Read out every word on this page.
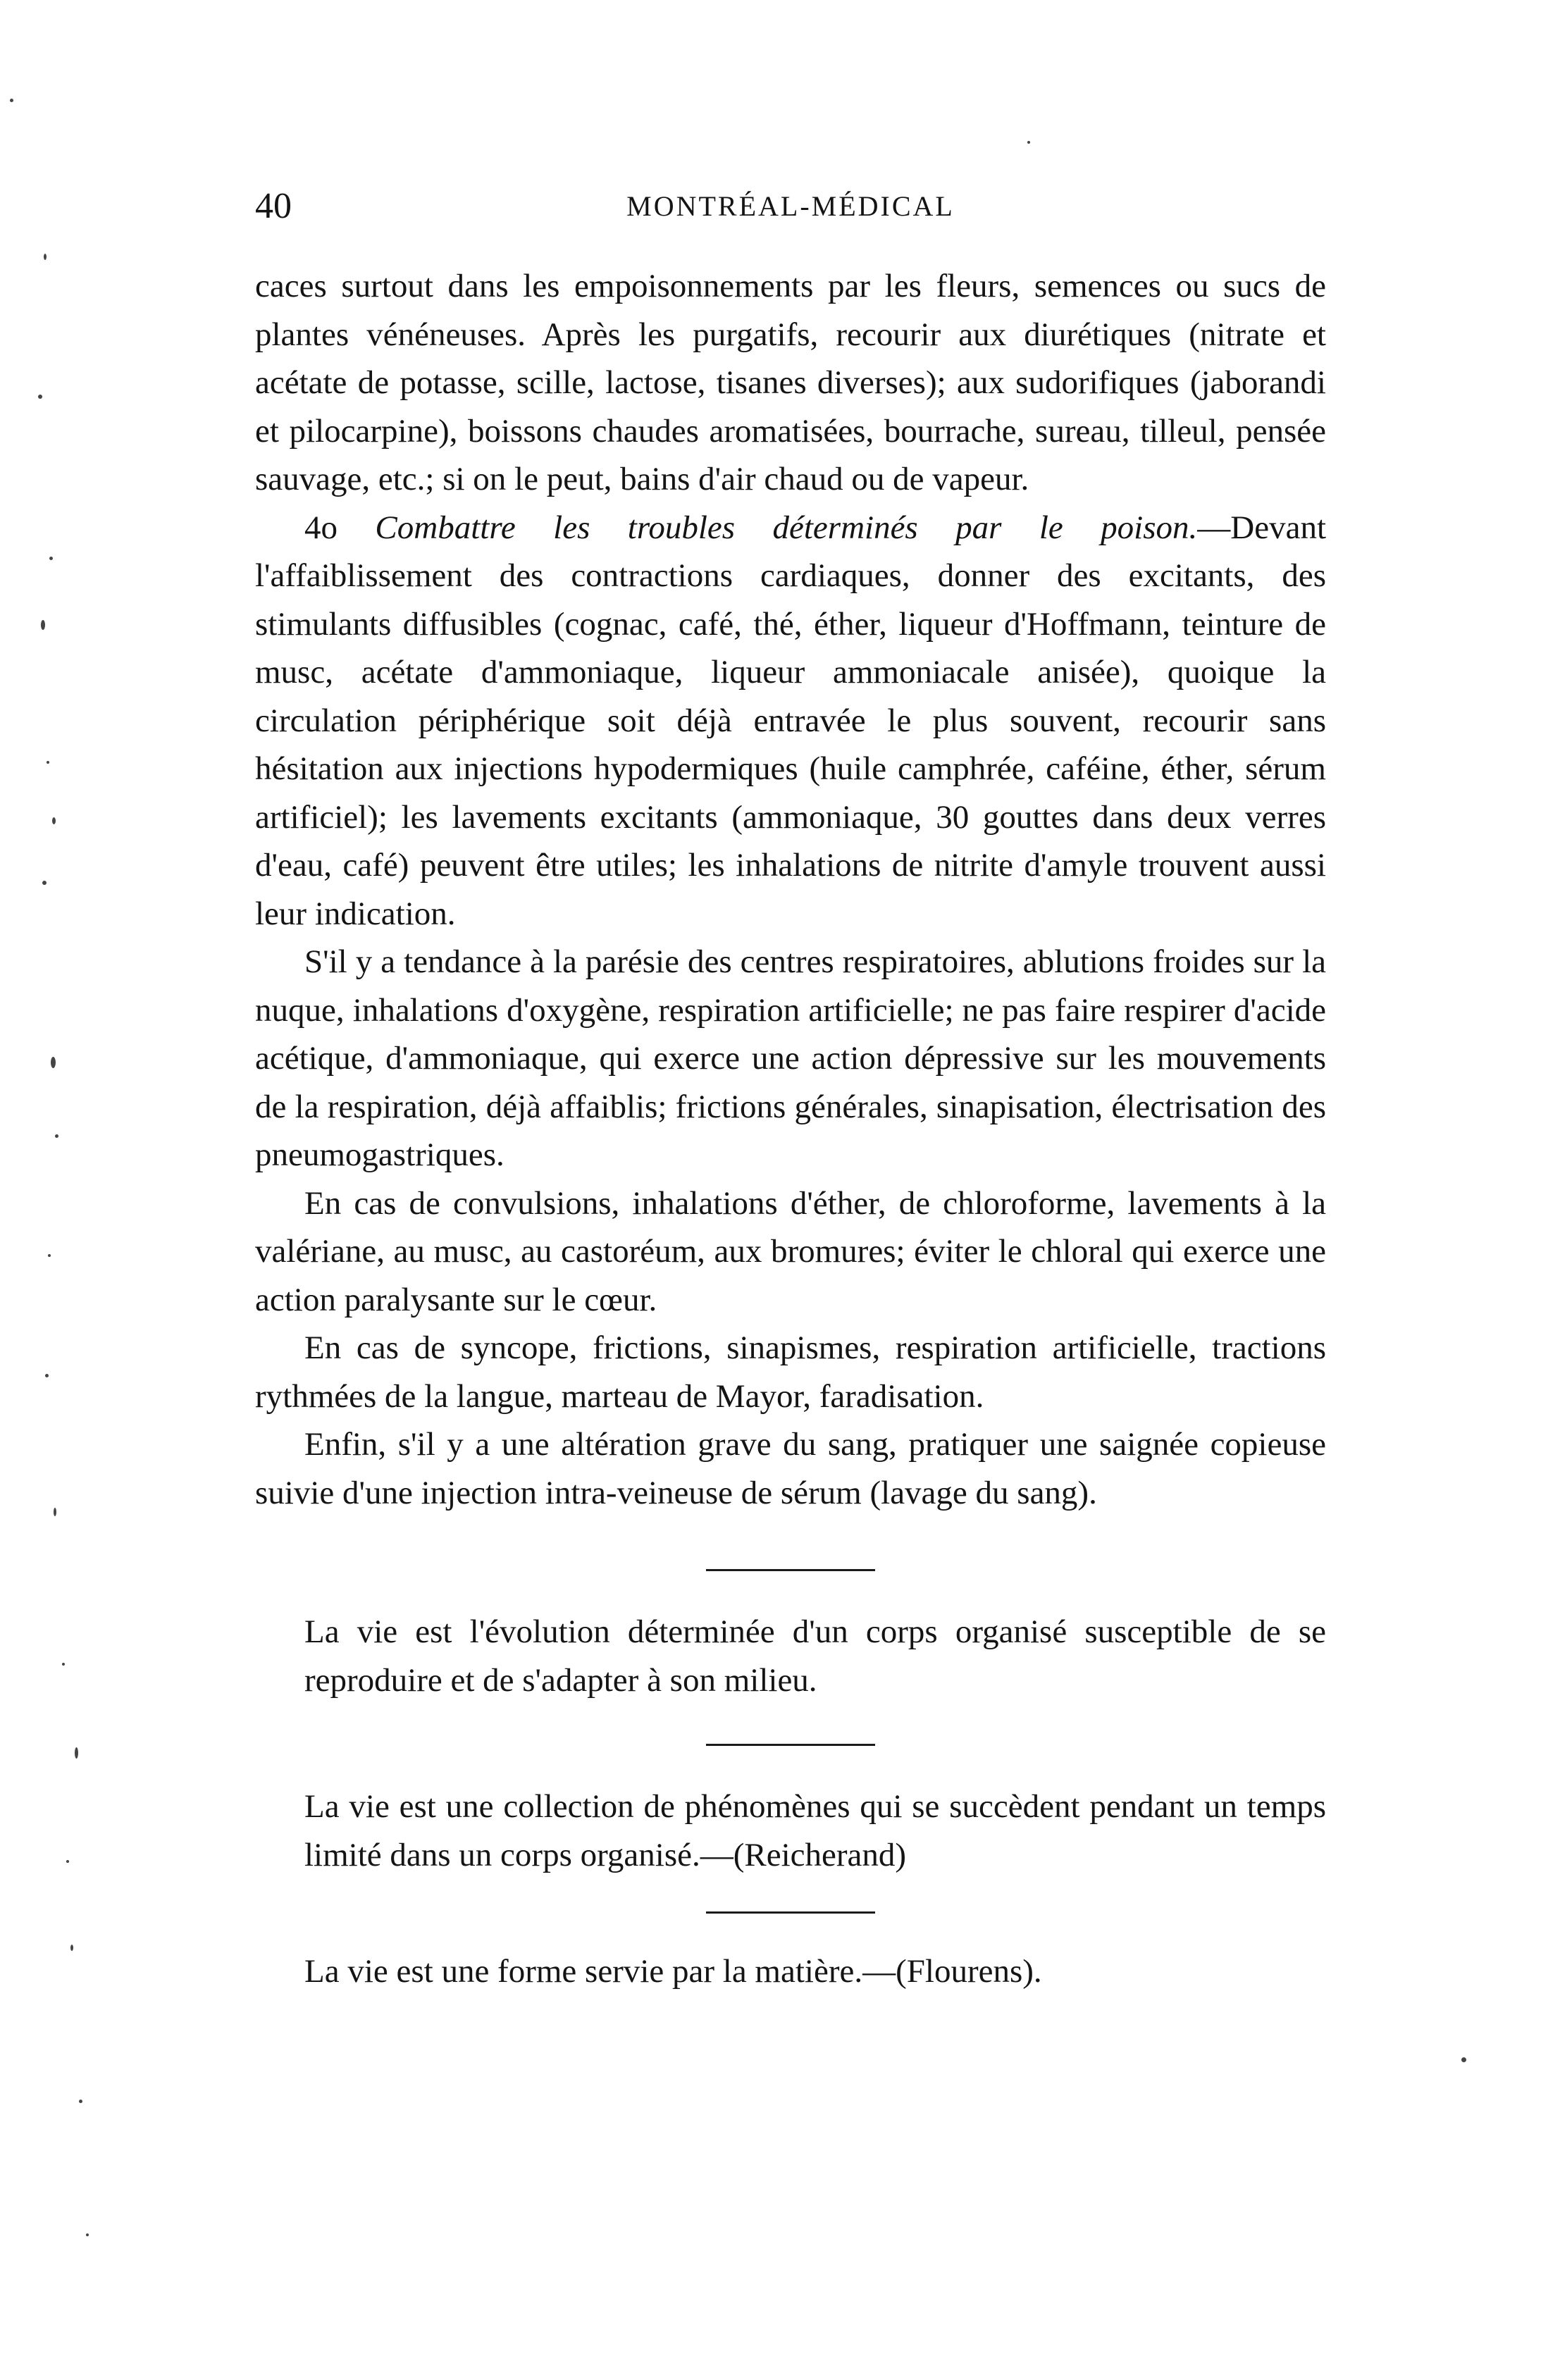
40	MONTRÉAL-MÉDICAL

caces surtout dans les empoisonnements par les fleurs, semences ou sucs de plantes vénéneuses. Après les purgatifs, recourir aux diurétiques (nitrate et acétate de potasse, scille, lactose, tisanes diverses); aux sudorifiques (jaborandi et pilocarpine), boissons chaudes aromatisées, bourrache, sureau, tilleul, pensée sauvage, etc.; si on le peut, bains d'air chaud ou de vapeur.

4o Combattre les troubles déterminés par le poison.—Devant l'affaiblissement des contractions cardiaques, donner des excitants, des stimulants diffusibles (cognac, café, thé, éther, liqueur d'Hoffmann, teinture de musc, acétate d'ammoniaque, liqueur ammoniacale anisée), quoique la circulation périphérique soit déjà entravée le plus souvent, recourir sans hésitation aux injections hypodermiques (huile camphrée, caféine, éther, sérum artificiel); les lavements excitants (ammoniaque, 30 gouttes dans deux verres d'eau, café) peuvent être utiles; les inhalations de nitrite d'amyle trouvent aussi leur indication.

S'il y a tendance à la parésie des centres respiratoires, ablutions froides sur la nuque, inhalations d'oxygène, respiration artificielle; ne pas faire respirer d'acide acétique, d'ammoniaque, qui exerce une action dépressive sur les mouvements de la respiration, déjà affaiblis; frictions générales, sinapisation, électrisation des pneumogastriques.

En cas de convulsions, inhalations d'éther, de chloroforme, lavements à la valériane, au musc, au castoréum, aux bromures; éviter le chloral qui exerce une action paralysante sur le cœur.

En cas de syncope, frictions, sinapismes, respiration artificielle, tractions rythmées de la langue, marteau de Mayor, faradisation.

Enfin, s'il y a une altération grave du sang, pratiquer une saignée copieuse suivie d'une injection intra-veineuse de sérum (lavage du sang).

La vie est l'évolution déterminée d'un corps organisé susceptible de se reproduire et de s'adapter à son milieu.

La vie est une collection de phénomènes qui se succèdent pendant un temps limité dans un corps organisé.—(Reicherand)

La vie est une forme servie par la matière.—(Flourens).
